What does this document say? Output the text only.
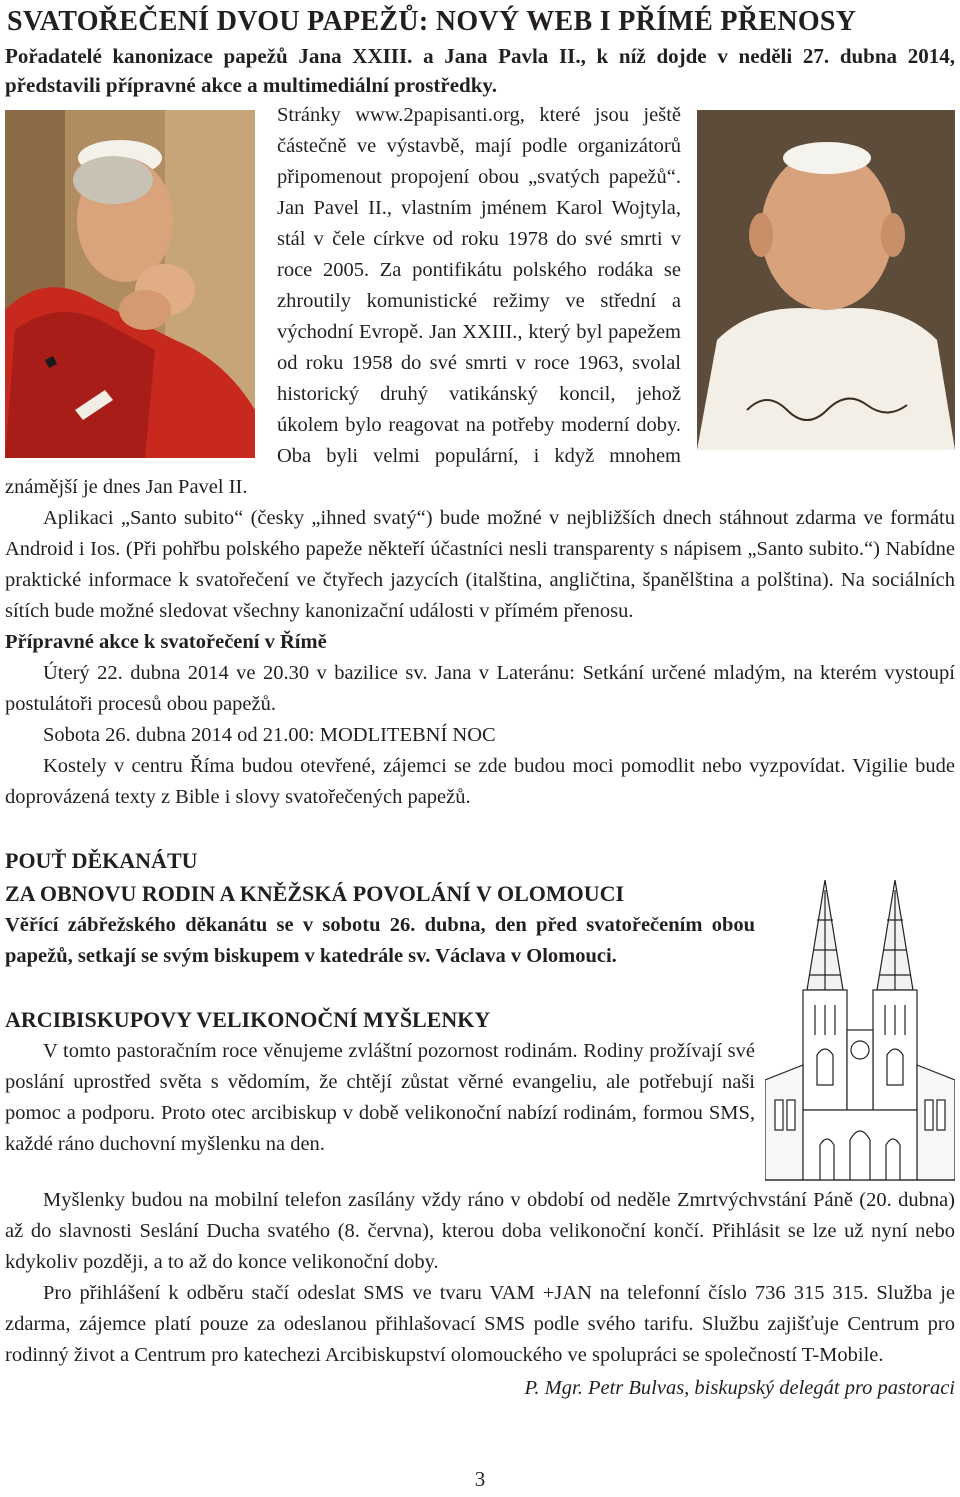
SVATOŘEČENÍ DVOU PAPEŽŮ: NOVÝ WEB I PŘÍMÉ PŘENOSY

Pořadatelé kanonizace papežů Jana XXIII. a Jana Pavla II., k níž dojde v neděli 27. dubna 2014, představili přípravné akce a multimediální prostředky.

Stránky www.2papisanti.org, které jsou ještě částečně ve výstavbě, mají podle organizátorů připomenout propojení obou „svatých papežů“. Jan Pavel II., vlastním jménem Karol Wojtyla, stál v čele církve od roku 1978 do své smrti v roce 2005. Za pontifikátu polského rodáka se zhroutily komunistické režimy ve střední a východní Evropě. Jan XXIII., který byl papežem od roku 1958 do své smrti v roce 1963, svolal historický druhý vatikánský koncil, jehož úkolem bylo reagovat na potřeby moderní doby. Oba byli velmi populární, i když mnohem známější je dnes Jan Pavel II.

Aplikaci „Santo subito“ (česky „ihned svatý“) bude možné v nejbližších dnech stáhnout zdarma ve formátu Android i Ios. (Při pohřbu polského papeže někteří účastníci nesli transparenty s nápisem „Santo subito.“) Nabídne praktické informace k svatořečení ve čtyřech jazycích (italština, angličtina, španělština a polština). Na sociálních sítích bude možné sledovat všechny kanonizační události v přímém přenosu.

Přípravné akce k svatořečení v Římě

Úterý 22. dubna 2014 ve 20.30 v bazilice sv. Jana v Lateránu: Setkání určené mladým, na kterém vystoupí postulátoři procesů obou papežů.

Sobota 26. dubna 2014 od 21.00: MODLITEBNÍ NOC

Kostely v centru Říma budou otevřené, zájemci se zde budou moci pomodlit nebo vyzpovídat. Vigilie bude doprovázená texty z Bible i slovy svatořečených papežů.

POUŤ DĚKANÁTU
ZA OBNOVU RODIN A KNĚŽSKÁ POVOLÁNÍ V OLOMOUCI

Věřící zábřežského děkanátu se v sobotu 26. dubna, den před svatořečením obou papežů, setkají se svým biskupem v katedrále sv. Václava v Olomouci.

ARCIBISKUPOVY VELIKONOČNÍ MYŠLENKY

V tomto pastoračním roce věnujeme zvláštní pozornost rodinám. Rodiny prožívají své poslání uprostřed světa s vědomím, že chtějí zůstat věrné evangeliu, ale potřebují naši pomoc a podporu. Proto otec arcibiskup v době velikonoční nabízí rodinám, formou SMS, každé ráno duchovní myšlenku na den.

Myšlenky budou na mobilní telefon zasílány vždy ráno v období od neděle Zmrtvýchvstání Páně (20. dubna) až do slavnosti Seslání Ducha svatého (8. června), kterou doba velikonoční končí. Přihlásit se lze už nyní nebo kdykoliv později, a to až do konce velikonoční doby.

Pro přihlášení k odběru stačí odeslat SMS ve tvaru VAM +JAN na telefonní číslo 736 315 315. Služba je zdarma, zájemce platí pouze za odeslanou přihlašovací SMS podle svého tarifu. Službu zajišťuje Centrum pro rodinný život a Centrum pro katechezi Arcibiskupství olomouckého ve spolupráci se společností T-Mobile.

P. Mgr. Petr Bulvas, biskupský delegát pro pastoraci
3
